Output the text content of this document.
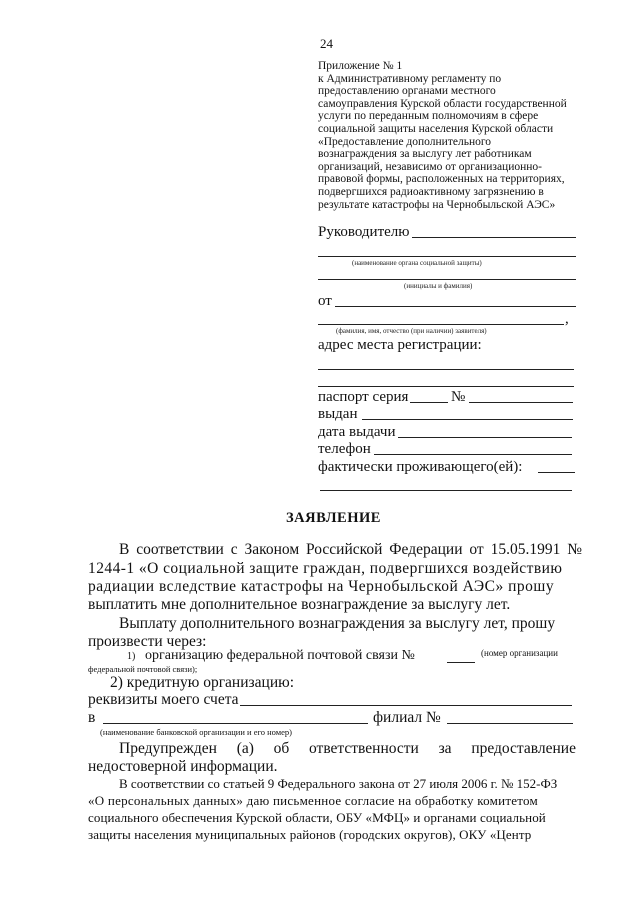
24
Приложение № 1
к Административному регламенту по
предоставлению органами местного
самоуправления Курской области государственной
услуги по переданным полномочиям в сфере
социальной защиты населения Курской области
«Предоставление дополнительного
вознаграждения за выслугу лет работникам
организаций, независимо от организационно-
правовой формы, расположенных на территориях,
подвергшихся радиоактивному загрязнению в
результате катастрофы на Чернобыльской АЭС»
Руководителю
(наименование органа социальной защиты)
(инициалы и фамилия)
от
,
(фамилия, имя, отчество (при наличии) заявителя)
адрес места регистрации:
паспорт серия	№
выдан
дата выдачи
телефон
фактически проживающего(ей):
ЗАЯВЛЕНИЕ
В соответствии с Законом Российской Федерации от 15.05.1991 №
1244-1 «О социальной защите граждан, подвергшихся воздействию
радиации вследствие катастрофы на Чернобыльской АЭС» прошу
выплатить мне дополнительное вознаграждение за выслугу лет.
Выплату дополнительного вознаграждения за выслугу лет, прошу
произвести через:
1) организацию федеральной почтовой связи №	(номер организации
федеральной почтовой связи);
2) кредитную организацию:
реквизиты моего счета
в	филиал №
(наименование банковской организации и его номер)
Предупрежден (а) об ответственности за предоставление
недостоверной информации.
В соответствии со статьей 9 Федерального закона от 27 июля 2006 г. № 152-ФЗ
«О персональных данных» даю письменное согласие на обработку комитетом
социального обеспечения Курской области, ОБУ «МФЦ» и органами социальной
защиты населения муниципальных районов (городских округов), ОКУ «Центр
